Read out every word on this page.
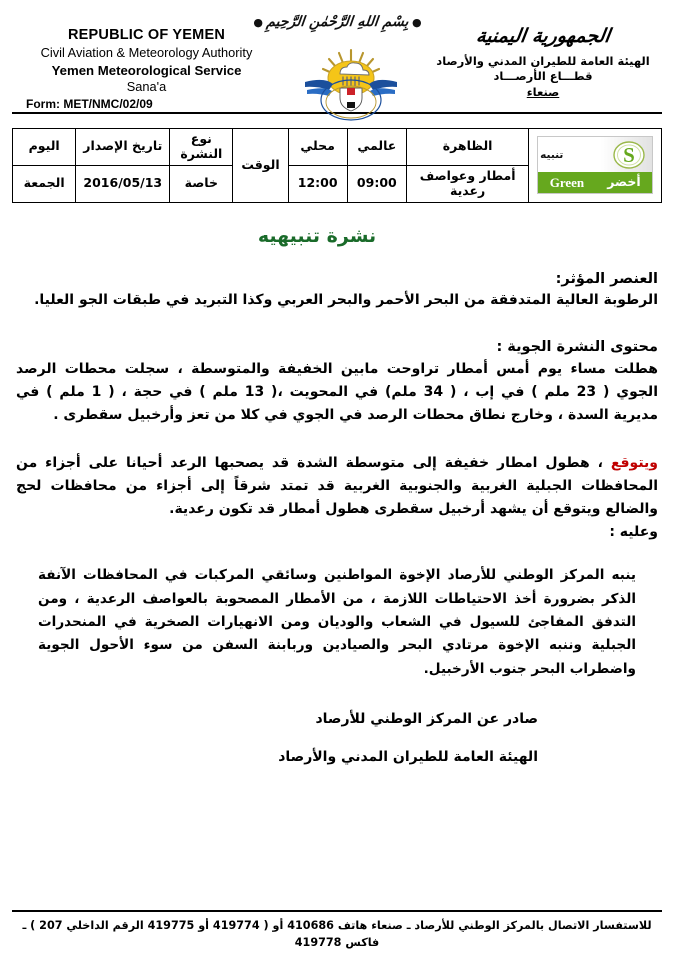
●بِسْمِ اللهِ الرَّحْمٰنِ الرَّحِيمِ●
REPUBLIC OF YEMEN
Civil Aviation & Meteorology Authority
Yemen Meteorological Service
Sana'a
Form: MET/NMC/02/09
الجمهورية اليمنية
الهيئة العامة للطيران المدني والأرصاد
قطـــاع الأرصـــاد
صنعاء
S
تنبيه
أخضر
Green	الظاهرة	عالمي	محلي	الوقت	نوع النشرة	تاريخ الإصدار	اليوم
	أمطار وعواصف رعدية	09:00	12:00		خاصة	2016/05/13	الجمعة
نشرة تنبيهيه
العنصر المؤثر:

الرطوبة العالية المتدفقة من البحر الأحمر والبحر العربي وكذا التبريد في طبقات الجو العليا.

محتوى النشرة الجوية :

هطلت مساء يوم أمس أمطار تراوحت مابين الخفيفة والمتوسطة ، سجلت محطات الرصد الجوي ( 23 ملم ) في إب ، ( 34 ملم) في المحويت ،( 13 ملم ) في حجة ، ( 1 ملم ) في مديرية السدة ، وخارج نطاق محطات الرصد في الجوي في كلا من تعز وأرخبيل سقطرى .

ويتوقع ، هطول امطار خفيفة إلى متوسطة الشدة قد يصحبها الرعد أحيانا على أجزاء من المحافظات الجبلية الغربية والجنوبية الغربية قد تمتد شرقاً إلى أجزاء من محافظات لحج والضالع ويتوقع أن يشهد أرخبيل سقطرى هطول أمطار قد تكون رعدية.

وعليه :

ينبه المركز الوطني للأرصاد الإخوة المواطنين وسائقي المركبات في المحافظات الآنفة الذكر بضرورة أخذ الاحتياطات اللازمة ، من الأمطار المصحوبة بالعواصف الرعدية ، ومن التدفق المفاجئ للسيول في الشعاب والوديان ومن الانهيارات الصخرية في المنحدرات الجبلية وننبه الإخوة مرتادي البحر والصيادين وربابنة السفن من سوء الأحول الجوية واضطراب البحر جنوب الأرخبيل.

صادر عن المركز الوطني للأرصاد
الهيئة العامة للطيران المدني والأرصاد
للاستفسار الاتصال بالمركز الوطني للأرصاد ـ صنعاء هاتف 410686 أو ( 419774 أو 419775 الرقم الداخلي 207 ) ـ فاكس 419778
